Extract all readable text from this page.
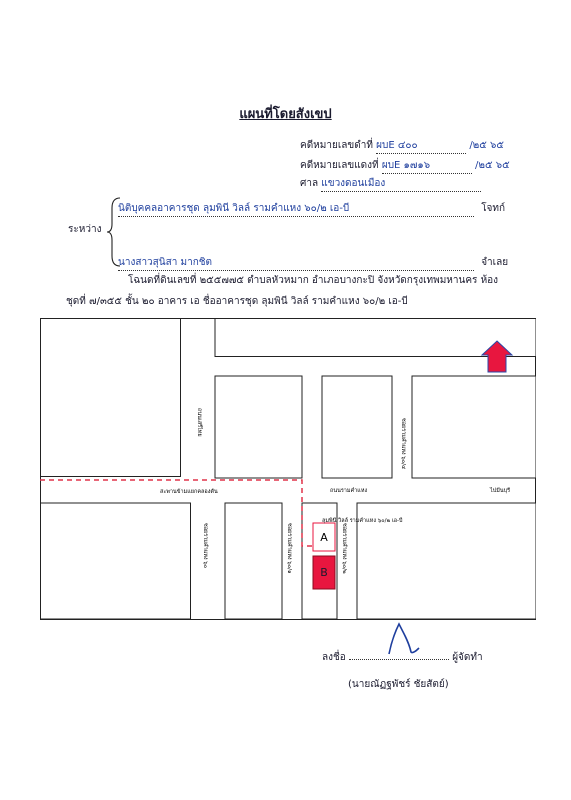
แผนที่โดยสังเขป
คดีหมายเลขดำที่ ผบE ๔๐๐	/๒๕ ๖๕
คดีหมายเลขแดงที่ ผบE ๑๗๑๖	/๒๕ ๖๕
ศาล แขวงดอนเมือง
ระหว่าง
นิติบุคคลอาคารชุด ลุมพินี วิลล์ รามคำแหง ๖๐/๒ เอ-บี	โจทก์
นางสาวสุนิสา มากชิต	จำเลย
โฉนดที่ดินเลขที่ ๒๕๕๗๗๕ ตำบลหัวหมาก อำเภอบางกะปิ จังหวัดกรุงเทพมหานคร ห้อง
ชุดที่ ๗/๓๕๕ ชั้น ๒๐ อาคาร เอ ชื่ออาคารชุด ลุมพินี วิลล์ รามคำแหง ๖๐/๒ เอ-บี
A
B
ถนนเสรีไทย	ซอยรามคำแหง ๖๐/๔
สะพานข้ามแยกคลองตัน	ถนนรามคำแหง	ไปมีนบุรี
ซอยรามคำแหง ๖๐	ซอยรามคำแหง ๖๐/๑	ซอยรามคำแหง ๖๐/๒
ลุมพินี วิลล์ รามคำแหง ๖๐/๒ เอ-บี
ลงชื่อ	ผู้จัดทำ
(นายณัฏฐพัชร์ ชัยสัตย์)
